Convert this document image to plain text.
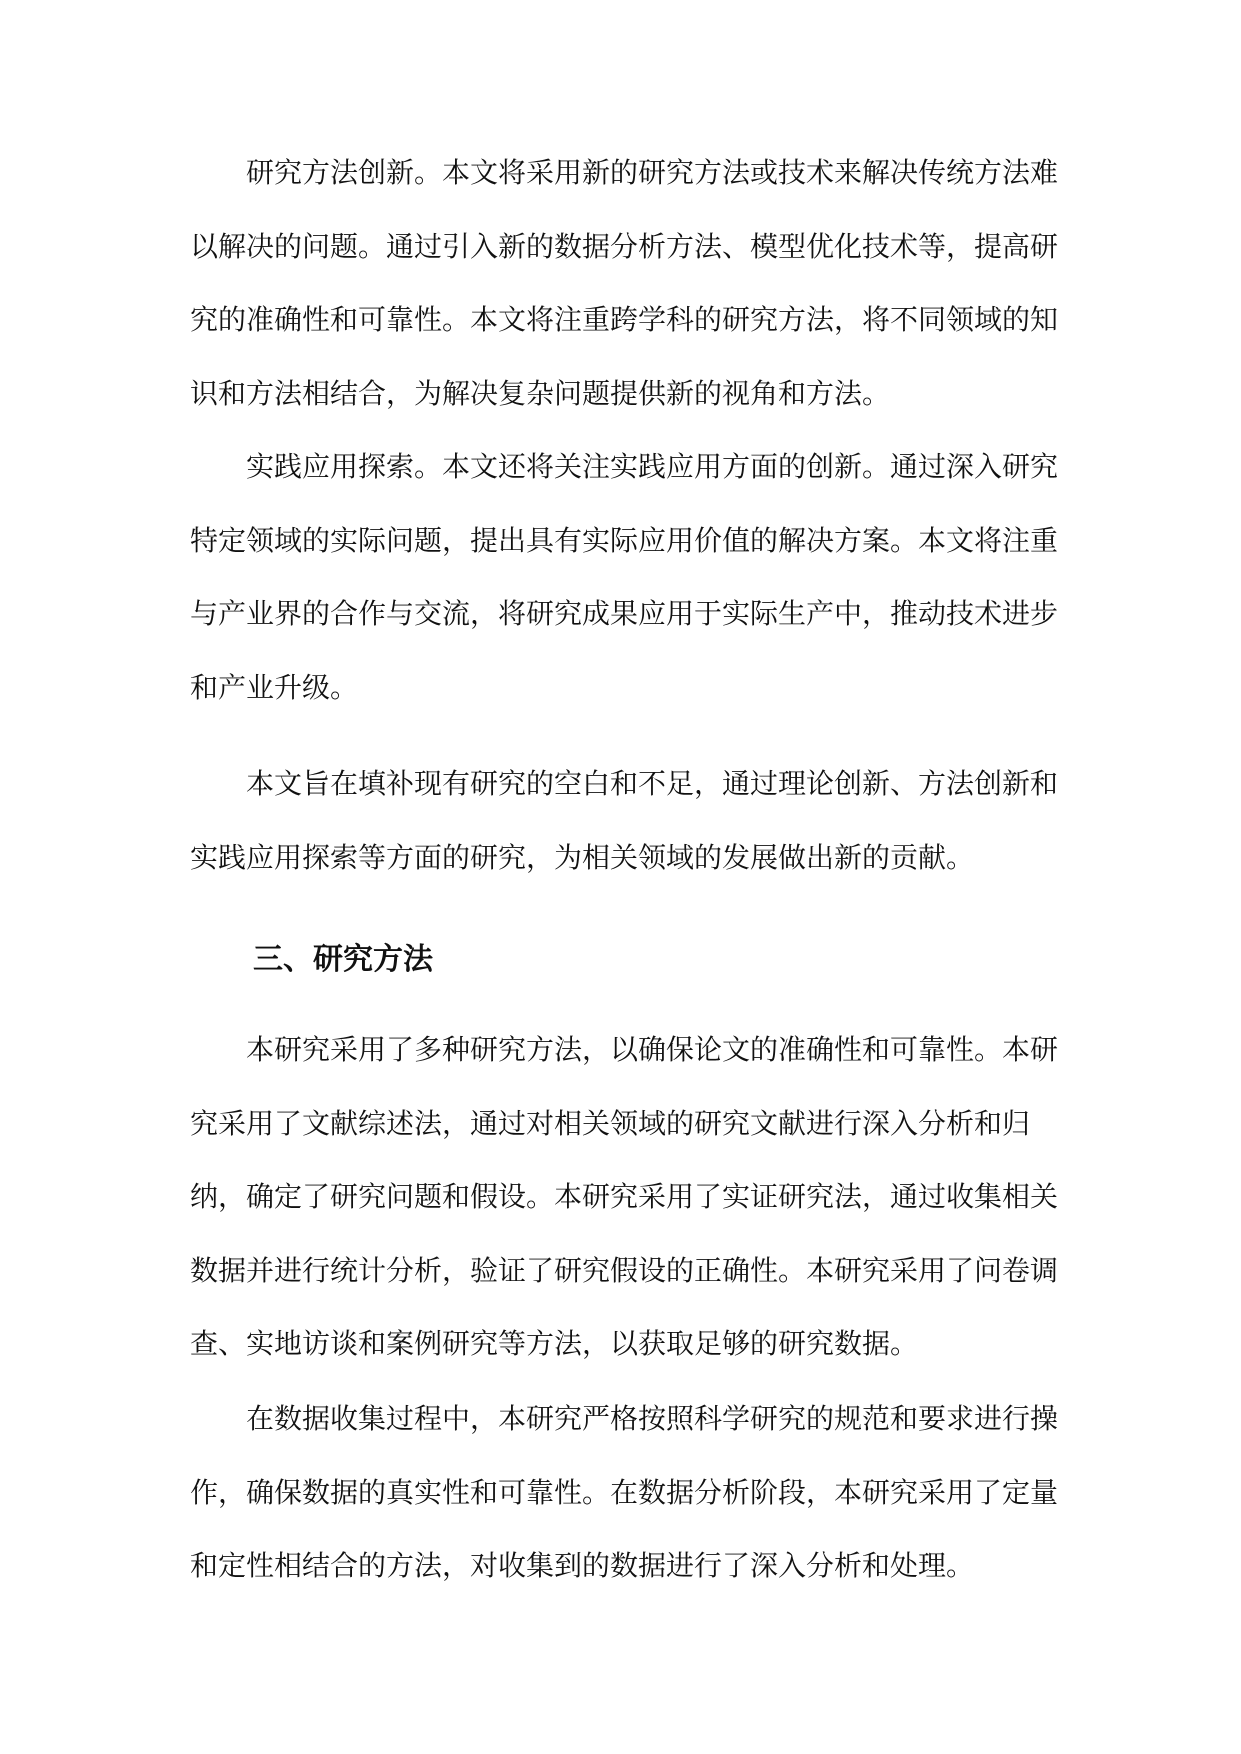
研究方法创新。本文将采用新的研究方法或技术来解决传统方法难以解决的问题。通过引入新的数据分析方法、模型优化技术等，提高研究的准确性和可靠性。本文将注重跨学科的研究方法，将不同领域的知识和方法相结合，为解决复杂问题提供新的视角和方法。

实践应用探索。本文还将关注实践应用方面的创新。通过深入研究特定领域的实际问题，提出具有实际应用价值的解决方案。本文将注重与产业界的合作与交流，将研究成果应用于实际生产中，推动技术进步和产业升级。

本文旨在填补现有研究的空白和不足，通过理论创新、方法创新和实践应用探索等方面的研究，为相关领域的发展做出新的贡献。

三、研究方法

本研究采用了多种研究方法，以确保论文的准确性和可靠性。本研究采用了文献综述法，通过对相关领域的研究文献进行深入分析和归纳，确定了研究问题和假设。本研究采用了实证研究法，通过收集相关数据并进行统计分析，验证了研究假设的正确性。本研究采用了问卷调查、实地访谈和案例研究等方法，以获取足够的研究数据。

在数据收集过程中，本研究严格按照科学研究的规范和要求进行操作，确保数据的真实性和可靠性。在数据分析阶段，本研究采用了定量和定性相结合的方法，对收集到的数据进行了深入分析和处理。
